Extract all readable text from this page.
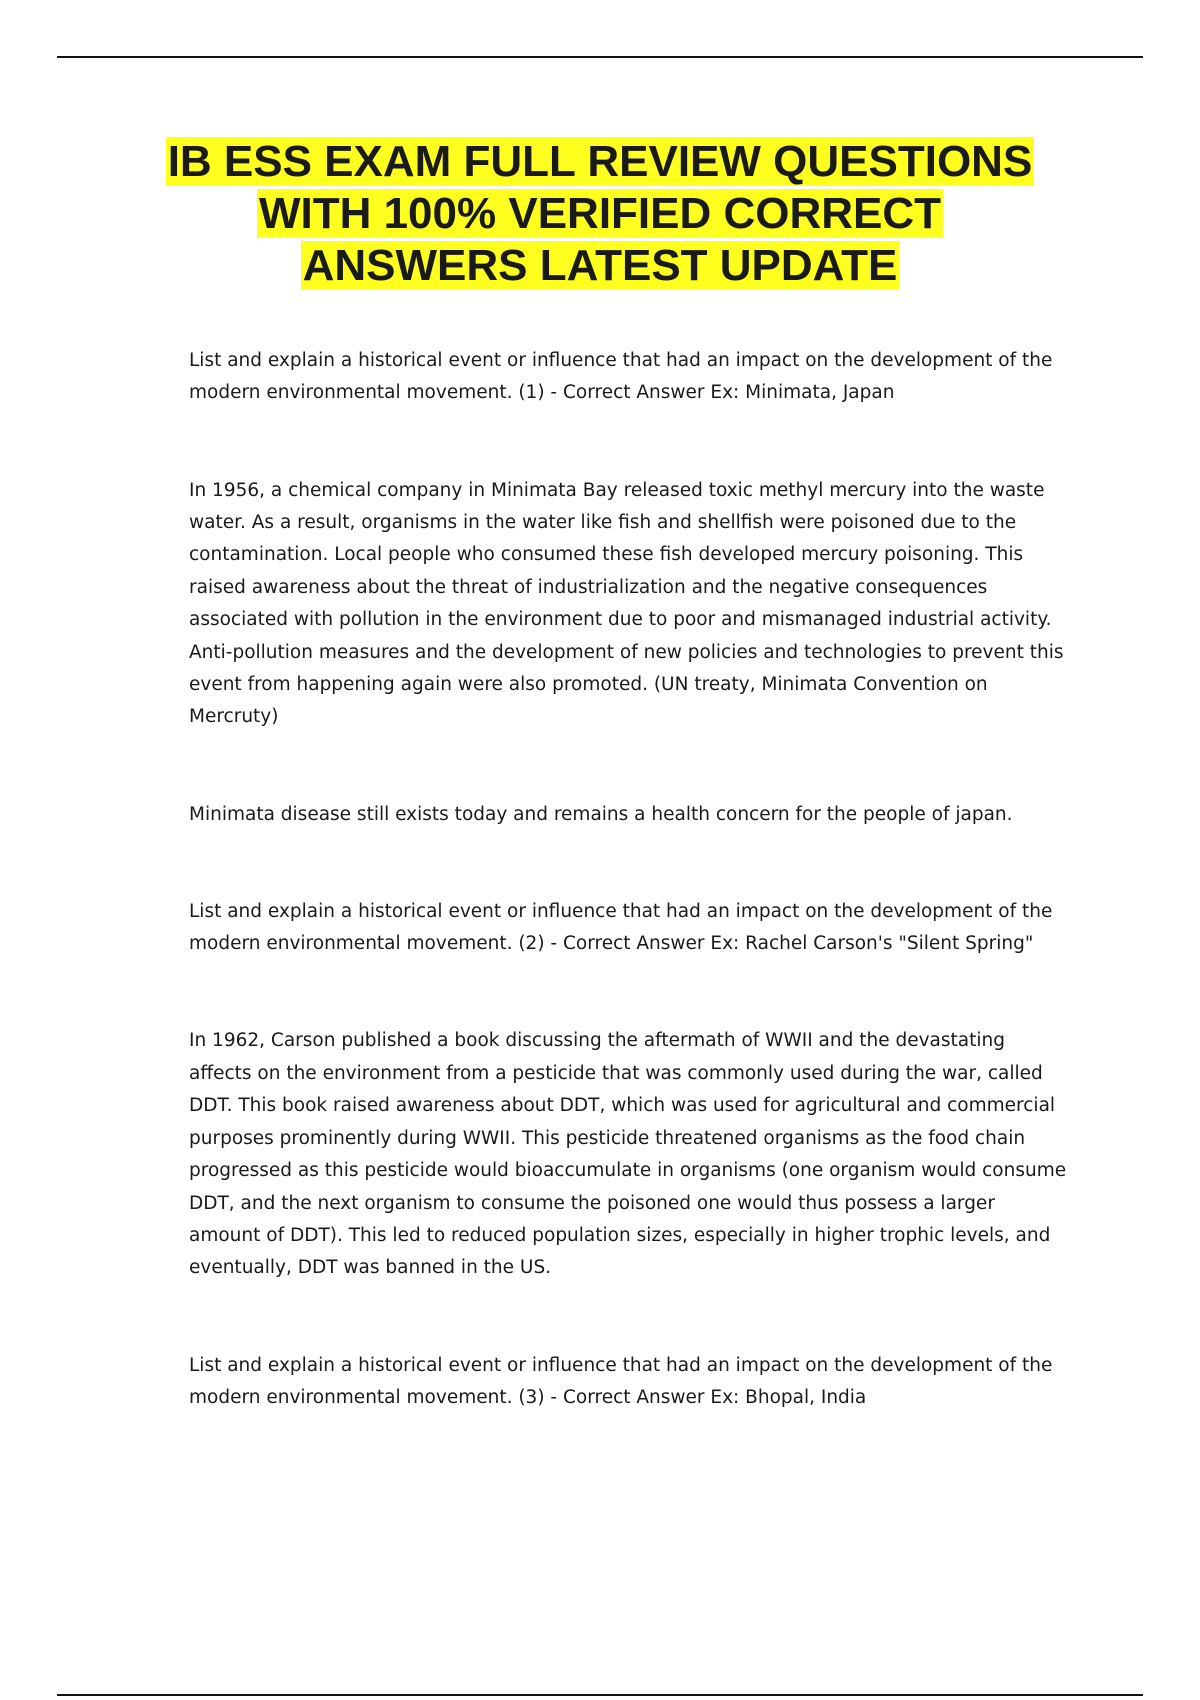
IB ESS EXAM FULL REVIEW QUESTIONS WITH 100% VERIFIED CORRECT ANSWERS LATEST UPDATE

List and explain a historical event or influence that had an impact on the development of the modern environmental movement. (1) - Correct Answer Ex: Minimata, Japan

In 1956, a chemical company in Minimata Bay released toxic methyl mercury into the waste water. As a result, organisms in the water like fish and shellfish were poisoned due to the contamination. Local people who consumed these fish developed mercury poisoning. This raised awareness about the threat of industrialization and the negative consequences associated with pollution in the environment due to poor and mismanaged industrial activity. Anti-pollution measures and the development of new policies and technologies to prevent this event from happening again were also promoted. (UN treaty, Minimata Convention on Mercruty)

Minimata disease still exists today and remains a health concern for the people of japan.

List and explain a historical event or influence that had an impact on the development of the modern environmental movement. (2) - Correct Answer Ex: Rachel Carson's "Silent Spring"

In 1962, Carson published a book discussing the aftermath of WWII and the devastating affects on the environment from a pesticide that was commonly used during the war, called DDT. This book raised awareness about DDT, which was used for agricultural and commercial purposes prominently during WWII. This pesticide threatened organisms as the food chain progressed as this pesticide would bioaccumulate in organisms (one organism would consume DDT, and the next organism to consume the poisoned one would thus possess a larger amount of DDT). This led to reduced population sizes, especially in higher trophic levels, and eventually, DDT was banned in the US.

List and explain a historical event or influence that had an impact on the development of the modern environmental movement. (3) - Correct Answer Ex: Bhopal, India
